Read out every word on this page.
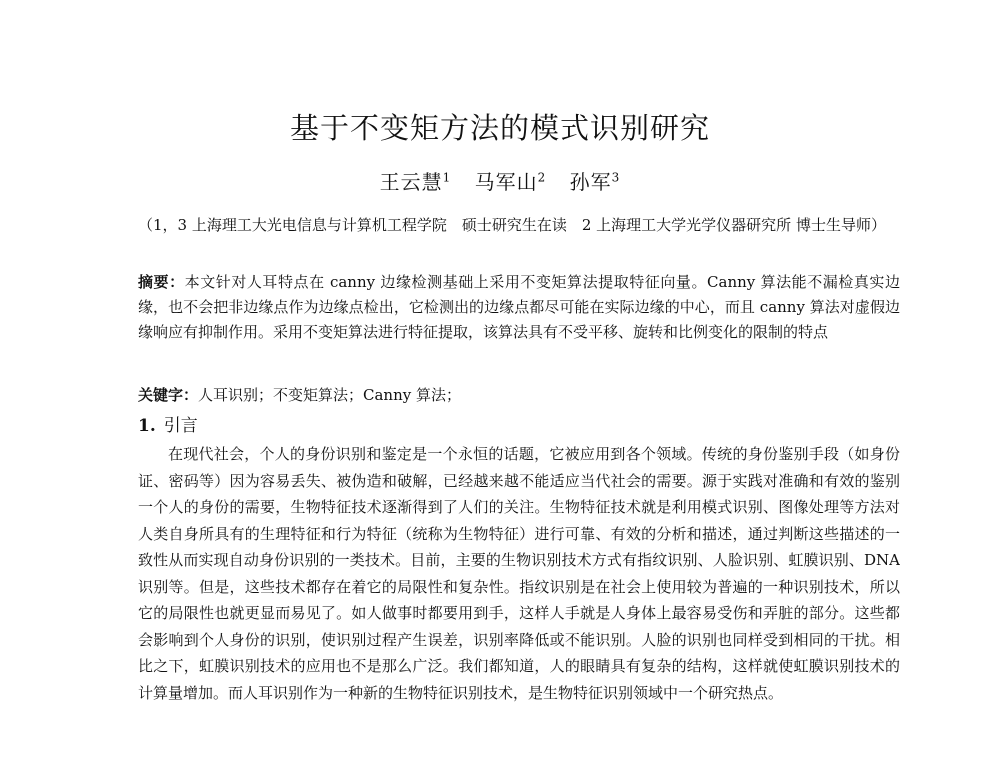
基于不变矩方法的模式识别研究
王云慧$^1$ 马军山$^2$ 孙军$^3$
（1，3 上海理工大光电信息与计算机工程学院　硕士研究生在读　2 上海理工大学光学仪器研究所 博士生导师）
摘要：本文针对人耳特点在 canny 边缘检测基础上采用不变矩算法提取特征向量。Canny 算法能不漏检真实边缘，也不会把非边缘点作为边缘点检出，它检测出的边缘点都尽可能在实际边缘的中心，而且 canny 算法对虚假边缘响应有抑制作用。采用不变矩算法进行特征提取，该算法具有不受平移、旋转和比例变化的限制的特点
关键字：人耳识别；不变矩算法；Canny 算法；
1. 引言
在现代社会，个人的身份识别和鉴定是一个永恒的话题，它被应用到各个领域。传统的身份鉴别手段（如身份证、密码等）因为容易丢失、被伪造和破解，已经越来越不能适应当代社会的需要。源于实践对准确和有效的鉴别一个人的身份的需要，生物特征技术逐渐得到了人们的关注。生物特征技术就是利用模式识别、图像处理等方法对人类自身所具有的生理特征和行为特征（统称为生物特征）进行可靠、有效的分析和描述，通过判断这些描述的一致性从而实现自动身份识别的一类技术。目前，主要的生物识别技术方式有指纹识别、人脸识别、虹膜识别、DNA 识别等。但是，这些技术都存在着它的局限性和复杂性。指纹识别是在社会上使用较为普遍的一种识别技术，所以它的局限性也就更显而易见了。如人做事时都要用到手，这样人手就是人身体上最容易受伤和弄脏的部分。这些都会影响到个人身份的识别，使识别过程产生误差，识别率降低或不能识别。人脸的识别也同样受到相同的干扰。相比之下，虹膜识别技术的应用也不是那么广泛。我们都知道，人的眼睛具有复杂的结构，这样就使虹膜识别技术的计算量增加。而人耳识别作为一种新的生物特征识别技术，是生物特征识别领域中一个研究热点。
